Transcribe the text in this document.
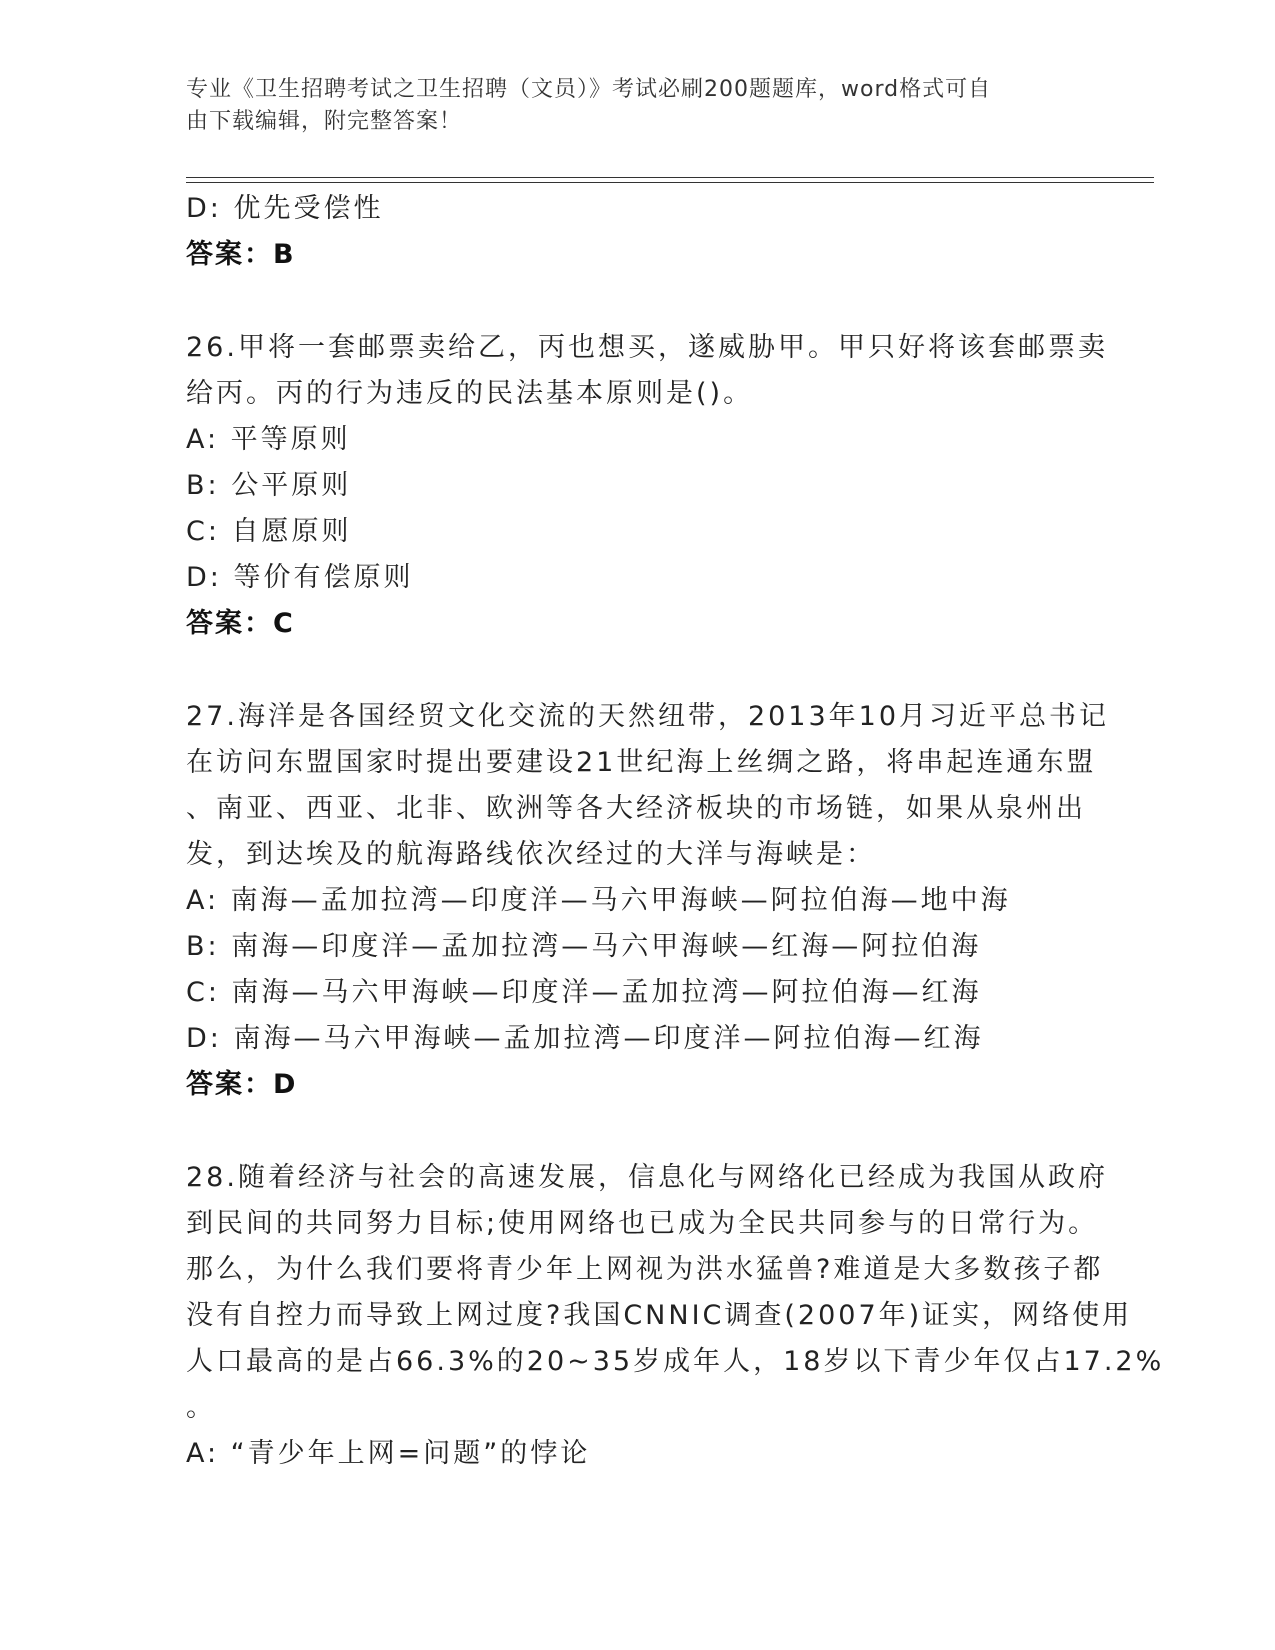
专业《卫生招聘考试之卫生招聘（文员）》考试必刷200题题库，word格式可自
由下载编辑，附完整答案！
D: 优先受偿性
答案：B
26.甲将一套邮票卖给乙，丙也想买，遂威胁甲。甲只好将该套邮票卖
给丙。丙的行为违反的民法基本原则是()。
A: 平等原则
B: 公平原则
C: 自愿原则
D: 等价有偿原则
答案：C
27.海洋是各国经贸文化交流的天然纽带，2013年10月习近平总书记
在访问东盟国家时提出要建设21世纪海上丝绸之路，将串起连通东盟
、南亚、西亚、北非、欧洲等各大经济板块的市场链，如果从泉州出
发，到达埃及的航海路线依次经过的大洋与海峡是：
A: 南海—孟加拉湾—印度洋—马六甲海峡—阿拉伯海—地中海
B: 南海—印度洋—孟加拉湾—马六甲海峡—红海—阿拉伯海
C: 南海—马六甲海峡—印度洋—孟加拉湾—阿拉伯海—红海
D: 南海—马六甲海峡—孟加拉湾—印度洋—阿拉伯海—红海
答案：D
28.随着经济与社会的高速发展，信息化与网络化已经成为我国从政府
到民间的共同努力目标;使用网络也已成为全民共同参与的日常行为。
那么，为什么我们要将青少年上网视为洪水猛兽?难道是大多数孩子都
没有自控力而导致上网过度?我国CNNIC调查(2007年)证实，网络使用
人口最高的是占66.3%的20~35岁成年人，18岁以下青少年仅占17.2%
。
A: “青少年上网=问题”的悖论
